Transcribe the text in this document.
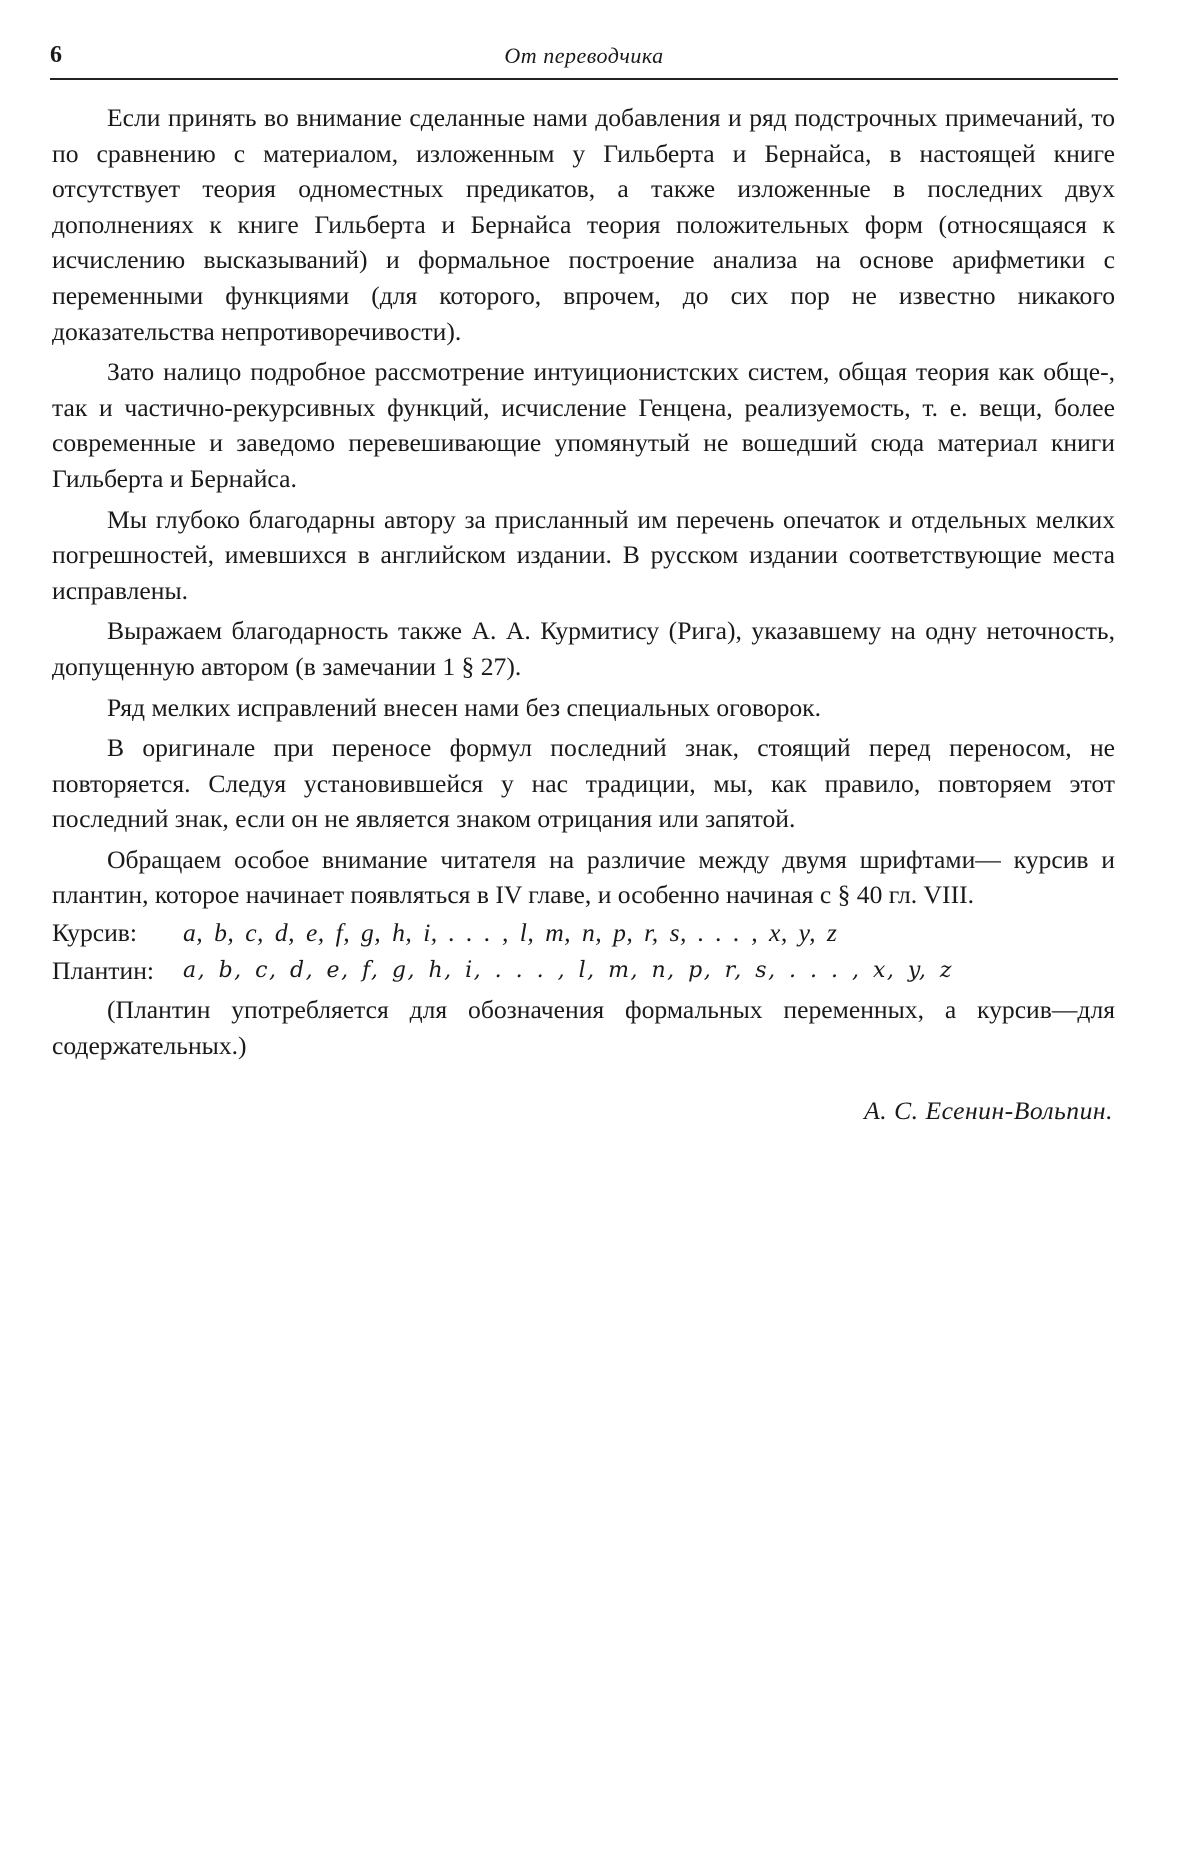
6	От переводчика

Если принять во внимание сделанные нами добавления и ряд подстрочных примечаний, то по сравнению с материалом, изложенным у Гильберта и Бернайса, в настоящей книге отсутствует теория одноместных предикатов, а также изложенные в последних двух дополнениях к книге Гильберта и Бернайса теория положительных форм (относящаяся к исчислению высказываний) и формальное построение анализа на основе арифметики с переменными функциями (для которого, впрочем, до сих пор не известно никакого доказательства непротиворечивости).

Зато налицо подробное рассмотрение интуиционистских систем, общая теория как обще-, так и частично-рекурсивных функций, исчисление Генцена, реализуемость, т. е. вещи, более современные и заведомо перевешивающие упомянутый не вошедший сюда материал книги Гильберта и Бернайса.

Мы глубоко благодарны автору за присланный им перечень опечаток и отдельных мелких погрешностей, имевшихся в английском издании. В русском издании соответствующие места исправлены.

Выражаем благодарность также А. А. Курмитису (Рига), указавшему на одну неточность, допущенную автором (в замечании 1 § 27).

Ряд мелких исправлений внесен нами без специальных оговорок.

В оригинале при переносе формул последний знак, стоящий перед переносом, не повторяется. Следуя установившейся у нас традиции, мы, как правило, повторяем этот последний знак, если он не является знаком отрицания или запятой.

Обращаем особое внимание читателя на различие между двумя шрифтами— курсив и плантин, которое начинает появляться в IV главе, и особенно начиная с § 40 гл. VIII.

Курсив:	a, b, c, d, e, f, g, h, i, . . . , l, m, n, p, r, s, . . . , x, y, z
Плантин:	a, b, c, d, e, f, g, h, i, . . . , l, m, n, p, r, s, . . . , x, y, z

(Плантин употребляется для обозначения формальных переменных, а курсив—для содержательных.)

А. С. Есенин-Вольпин.
